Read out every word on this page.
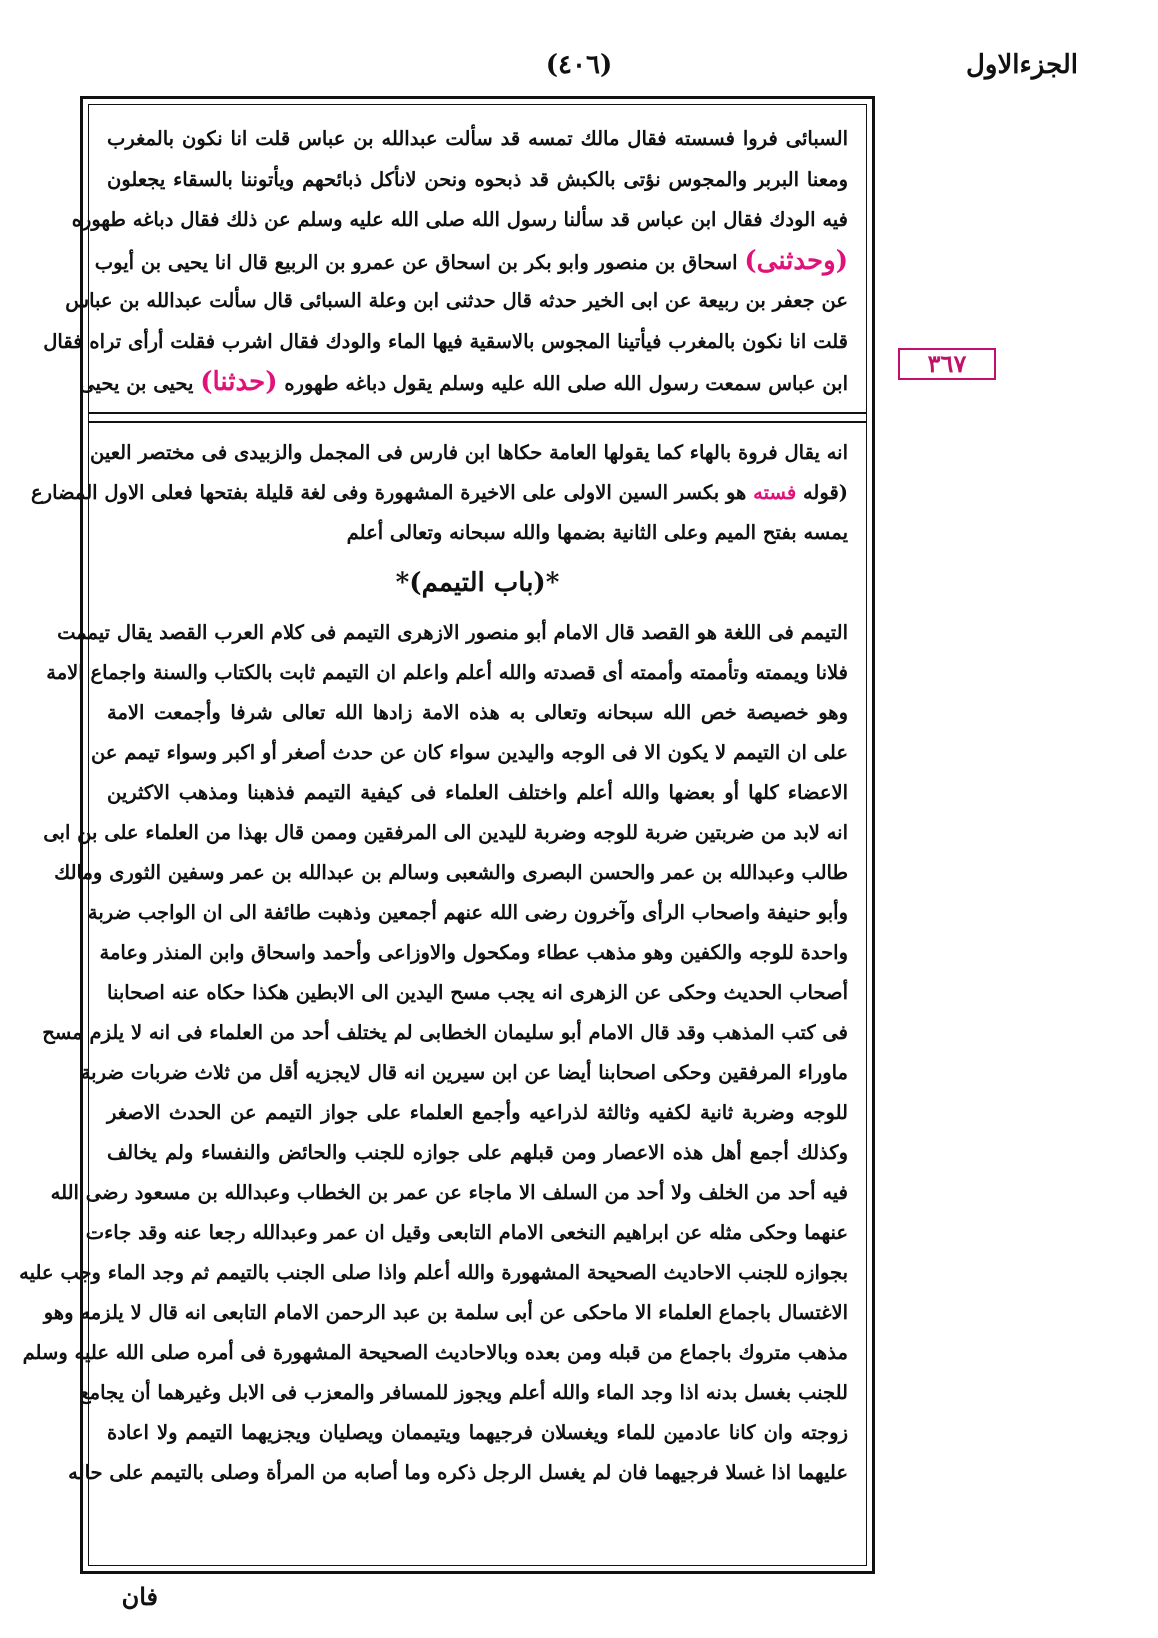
الجزءالاول
(٤٠٦)
٣٦٧
السبائى فروا فسسته فقال مالك تمسه قد سألت عبدالله بن عباس قلت انا نكون بالمغرب
ومعنا البربر والمجوس نؤتى بالكبش قد ذبحوه ونحن لانأكل ذبائحهم ويأتوننا بالسقاء يجعلون
فيه الودك فقال ابن عباس قد سألنا رسول الله صلى الله عليه وسلم عن ذلك فقال دباغه طهوره
(وحدثنى) اسحاق بن منصور وابو بكر بن اسحاق عن عمرو بن الربيع قال انا يحيى بن أيوب
عن جعفر بن ربيعة عن ابى الخير حدثه قال حدثنى ابن وعلة السبائى قال سألت عبدالله بن عباس
قلت انا نكون بالمغرب فيأتينا المجوس بالاسقية فيها الماء والودك فقال اشرب فقلت أرأى تراه فقال
ابن عباس سمعت رسول الله صلى الله عليه وسلم يقول دباغه طهوره (حدثنا) يحيى بن يحيى
انه يقال فروة بالهاء كما يقولها العامة حكاها ابن فارس فى المجمل والزبيدى فى مختصر العين
(قوله فسته هو بكسر السين الاولى على الاخيرة المشهورة وفى لغة قليلة بفتحها فعلى الاول المضارع
يمسه بفتح الميم وعلى الثانية بضمها والله سبحانه وتعالى أعلم
*(باب التيمم)*
التيمم فى اللغة هو القصد قال الامام أبو منصور الازهرى التيمم فى كلام العرب القصد يقال تيممت
فلانا ويممته وتأممته وأممته أى قصدته والله أعلم واعلم ان التيمم ثابت بالكتاب والسنة واجماع الامة
وهو خصيصة خص الله سبحانه وتعالى به هذه الامة زادها الله تعالى شرفا وأجمعت الامة
على ان التيمم لا يكون الا فى الوجه واليدين سواء كان عن حدث أصغر أو اكبر وسواء تيمم عن
الاعضاء كلها أو بعضها والله أعلم واختلف العلماء فى كيفية التيمم فذهبنا ومذهب الاكثرين
انه لابد من ضربتين ضربة للوجه وضربة لليدين الى المرفقين وممن قال بهذا من العلماء على بن ابى
طالب وعبدالله بن عمر والحسن البصرى والشعبى وسالم بن عبدالله بن عمر وسفين الثورى ومالك
وأبو حنيفة واصحاب الرأى وآخرون رضى الله عنهم أجمعين وذهبت طائفة الى ان الواجب ضربة
واحدة للوجه والكفين وهو مذهب عطاء ومكحول والاوزاعى وأحمد واسحاق وابن المنذر وعامة
أصحاب الحديث وحكى عن الزهرى انه يجب مسح اليدين الى الابطين هكذا حكاه عنه اصحابنا
فى كتب المذهب وقد قال الامام أبو سليمان الخطابى لم يختلف أحد من العلماء فى انه لا يلزم مسح
ماوراء المرفقين وحكى اصحابنا أيضا عن ابن سيرين انه قال لايجزيه أقل من ثلاث ضربات ضربة
للوجه وضربة ثانية لكفيه وثالثة لذراعيه وأجمع العلماء على جواز التيمم عن الحدث الاصغر
وكذلك أجمع أهل هذه الاعصار ومن قبلهم على جوازه للجنب والحائض والنفساء ولم يخالف
فيه أحد من الخلف ولا أحد من السلف الا ماجاء عن عمر بن الخطاب وعبدالله بن مسعود رضى الله
عنهما وحكى مثله عن ابراهيم النخعى الامام التابعى وقيل ان عمر وعبدالله رجعا عنه وقد جاءت
بجوازه للجنب الاحاديث الصحيحة المشهورة والله أعلم واذا صلى الجنب بالتيمم ثم وجد الماء وجب عليه
الاغتسال باجماع العلماء الا ماحكى عن أبى سلمة بن عبد الرحمن الامام التابعى انه قال لا يلزمه وهو
مذهب متروك باجماع من قبله ومن بعده وبالاحاديث الصحيحة المشهورة فى أمره صلى الله عليه وسلم
للجنب بغسل بدنه اذا وجد الماء والله أعلم ويجوز للمسافر والمعزب فى الابل وغيرهما أن يجامع
زوجته وان كانا عادمين للماء ويغسلان فرجيهما ويتيممان ويصليان ويجزيهما التيمم ولا اعادة
عليهما اذا غسلا فرجيهما فان لم يغسل الرجل ذكره وما أصابه من المرأة وصلى بالتيمم على حاله
فان
